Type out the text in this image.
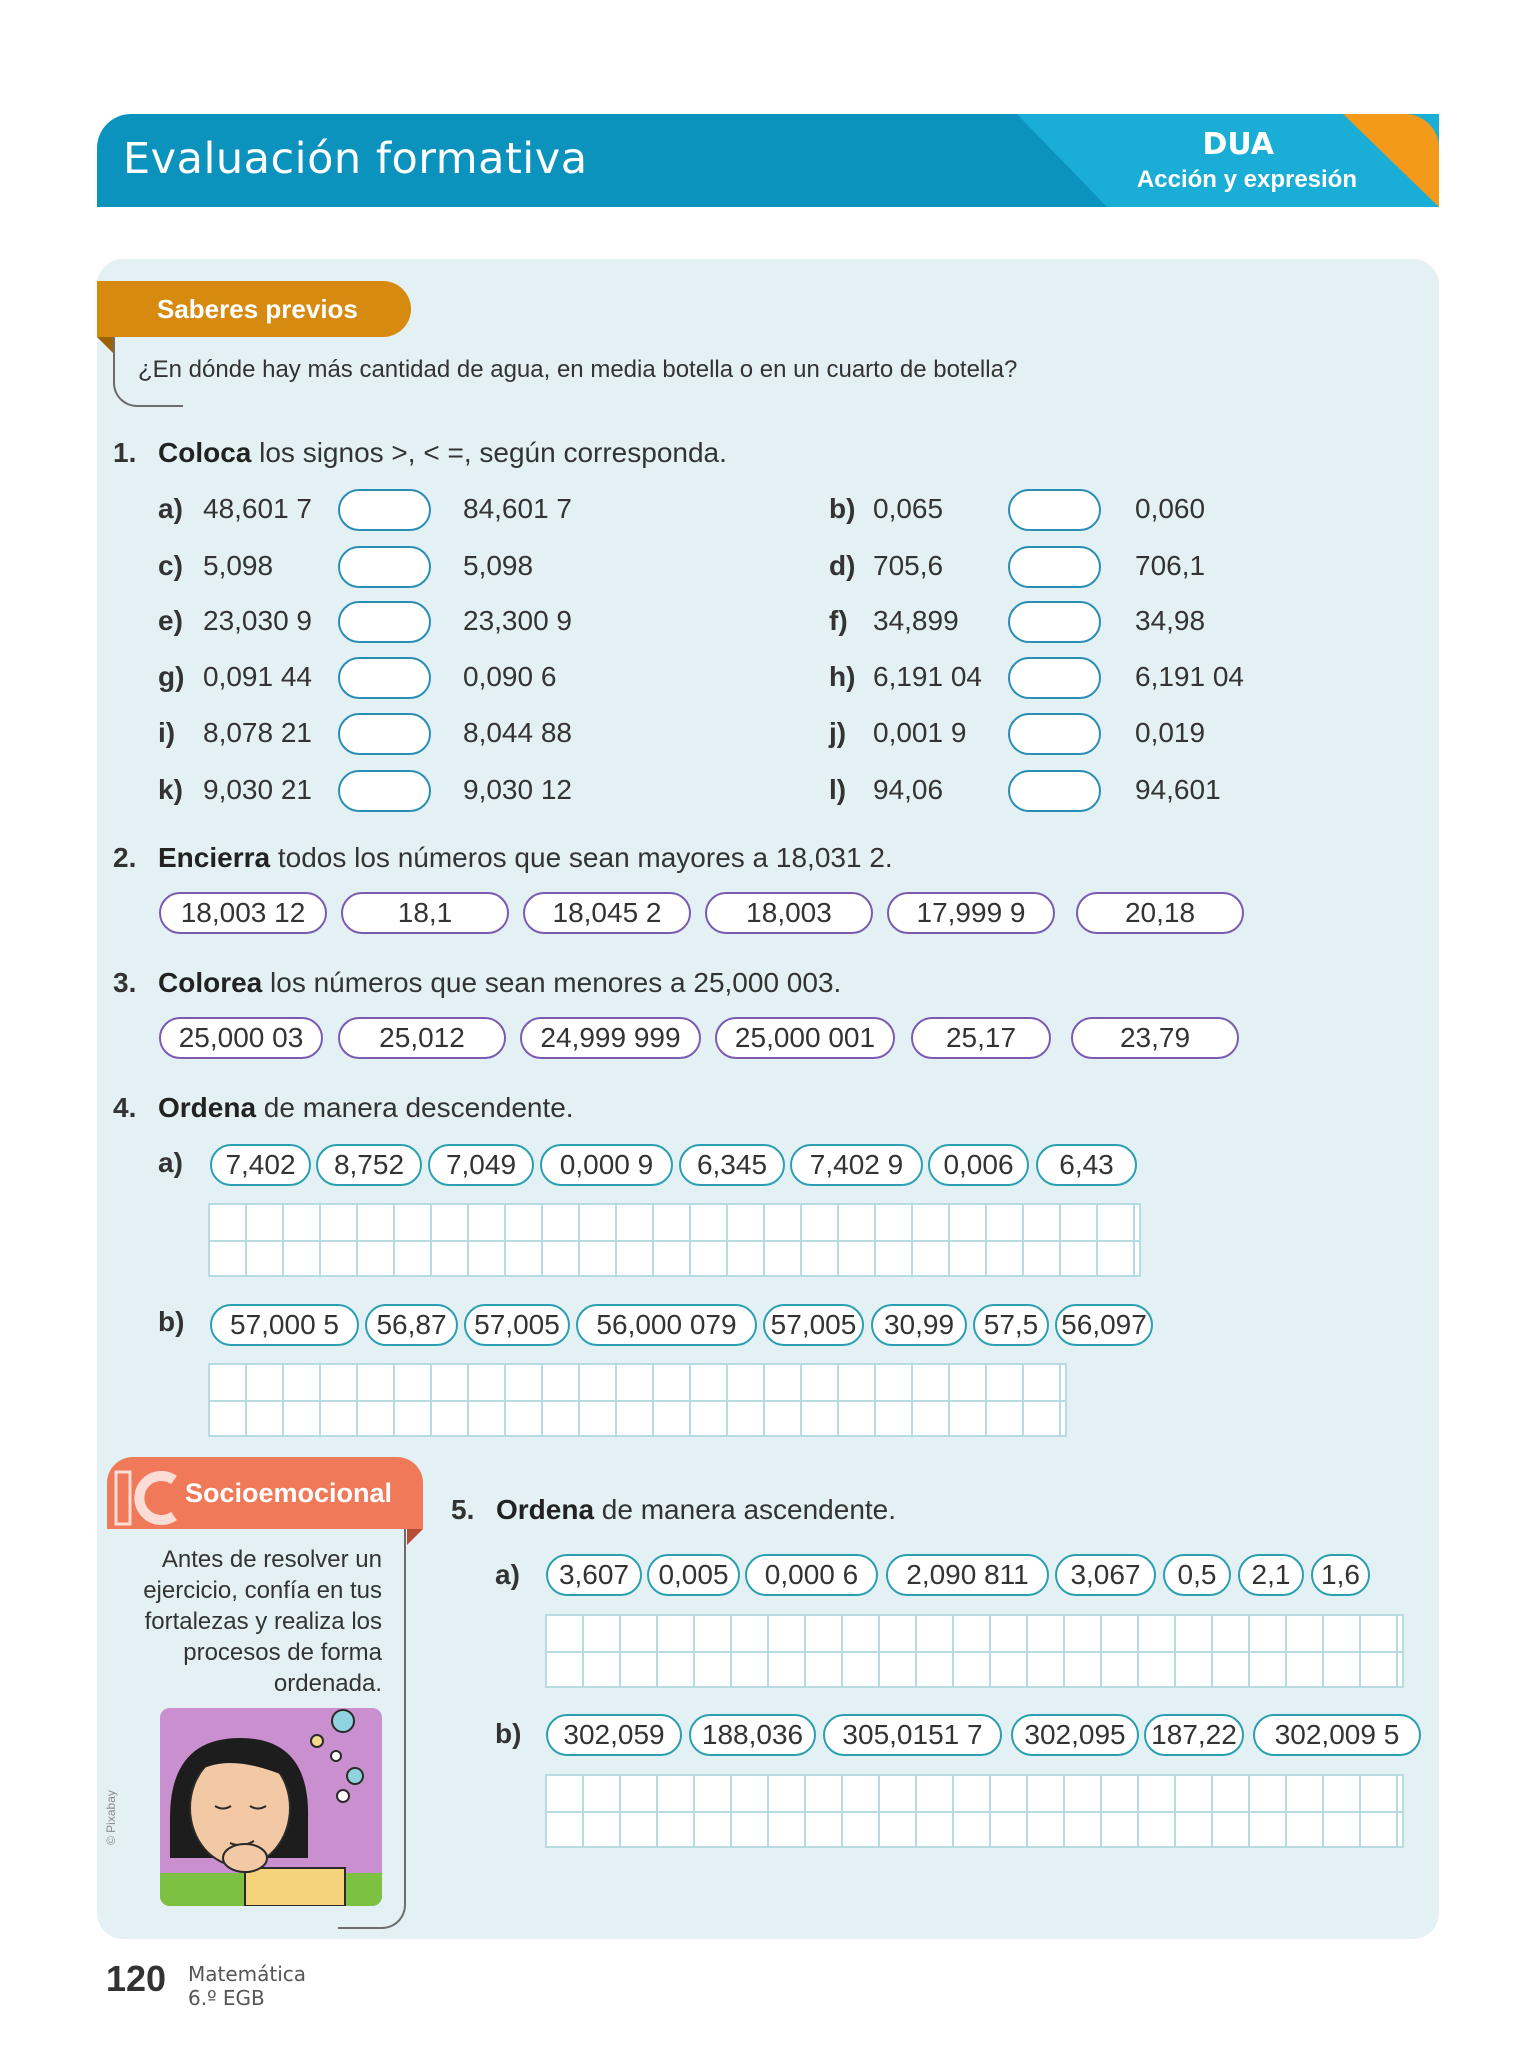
Evaluación formativa	DUA
Acción y expresión
Saberes previos
¿En dónde hay más cantidad de agua, en media botella o en un cuarto de botella?
1. Coloca los signos >, < =, según corresponda.
a) 48,601 7	84,601 7	b) 0,065	0,060
c) 5,098	5,098	d) 705,6	706,1
e) 23,030 9	23,300 9	f) 34,899	34,98
g) 0,091 44	0,090 6	h) 6,191 04	6,191 04
i) 8,078 21	8,044 88	j) 0,001 9	0,019
k) 9,030 21	9,030 12	l) 94,06	94,601
2. Encierra todos los números que sean mayores a 18,031 2.
18,003 12	18,1	18,045 2	18,003	17,999 9	20,18
3. Colorea los números que sean menores a 25,000 003.
25,000 03	25,012	24,999 999	25,000 001	25,17	23,79
4. Ordena de manera descendente.
a)	7,402	8,752	7,049	0,000 9	6,345	7,402 9	0,006	6,43
b)	57,000 5	56,87 57,005	56,000 079	57,005 30,99	57,5 56,097
Socioemocional
Antes de resolver un ejercicio, confía en tus fortalezas y realiza los procesos de forma ordenada.
© Pixabay
5. Ordena de manera ascendente.
a)	3,607	0,005	0,000 6	2,090 811	3,067	0,5	2,1	1,6
b)	302,059	188,036	305,0151 7	302,095 187,22	302,009 5
120 Matemática
6.º EGB
